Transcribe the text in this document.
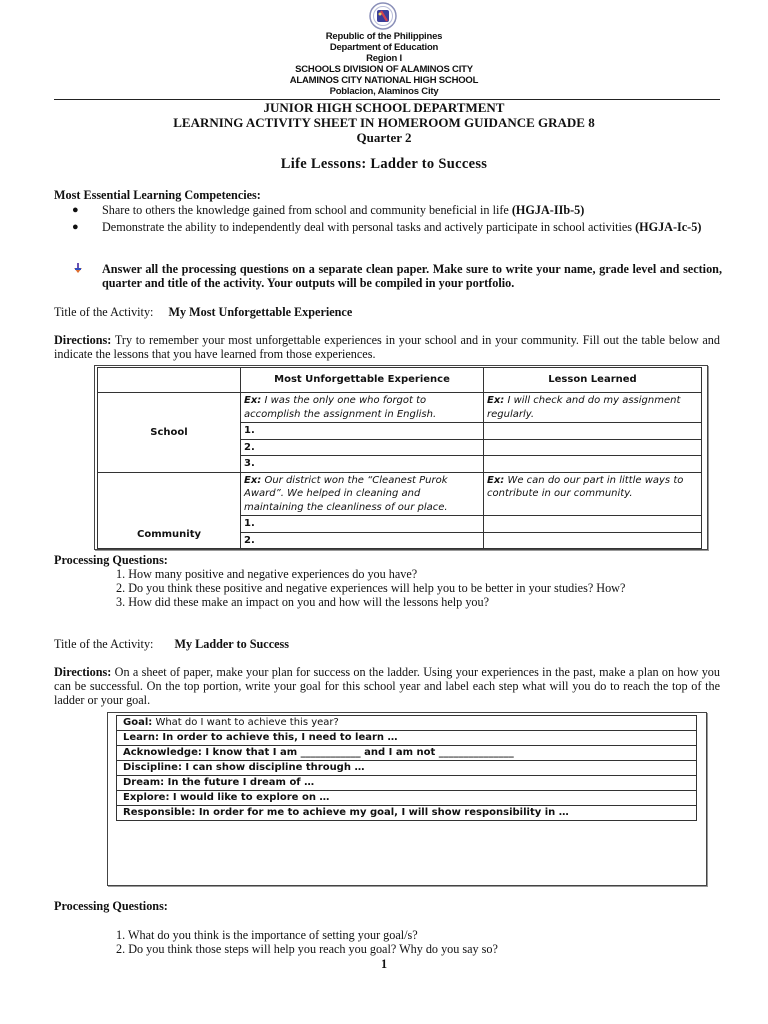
Republic of the Philippines
Department of Education
Region I
SCHOOLS DIVISION OF ALAMINOS CITY
ALAMINOS CITY NATIONAL HIGH SCHOOL
Poblacion, Alaminos City
JUNIOR HIGH SCHOOL DEPARTMENT
LEARNING ACTIVITY SHEET IN HOMEROOM GUIDANCE GRADE 8
Quarter 2
Life Lessons: Ladder to Success
Most Essential Learning Competencies:
●	Share to others the knowledge gained from school and community beneficial in life (HGJA-IIb-5)
●	Demonstrate the ability to independently deal with personal tasks and actively participate in school activities (HGJA-Ic-5)
Answer all the processing questions on a separate clean paper. Make sure to write your name, grade level and section, quarter and title of the activity. Your outputs will be compiled in your portfolio.
Title of the Activity: My Most Unforgettable Experience
Directions: Try to remember your most unforgettable experiences in your school and in your community. Fill out the table below and indicate the lessons that you have learned from those experiences.
	Most Unforgettable Experience	Lesson Learned
School	Ex: I was the only one who forgot to accomplish the assignment in English.	Ex: I will check and do my assignment regularly.
	1.	
	2.	
	3.	
Community	Ex: Our district won the “Cleanest Purok Award”. We helped in cleaning and maintaining the cleanliness of our place.	Ex: We can do our part in little ways to contribute in our community.
	1.	
	2.	
Processing Questions:
1. How many positive and negative experiences do you have?
2. Do you think these positive and negative experiences will help you to be better in your studies? How?
3. How did these make an impact on you and how will the lessons help you?
Title of the Activity: My Ladder to Success
Directions: On a sheet of paper, make your plan for success on the ladder. Using your experiences in the past, make a plan on how you can be successful. On the top portion, write your goal for this school year and label each step what will you do to reach the top of the ladder or your goal.
Goal: What do I want to achieve this year?
Learn: In order to achieve this, I need to learn …
Acknowledge: I know that I am ____________ and I am not _______________
Discipline: I can show discipline through …
Dream: In the future I dream of …
Explore: I would like to explore on …
Responsible: In order for me to achieve my goal, I will show responsibility in …
Processing Questions:
1. What do you think is the importance of setting your goal/s?
2. Do you think those steps will help you reach you goal? Why do you say so?
1
